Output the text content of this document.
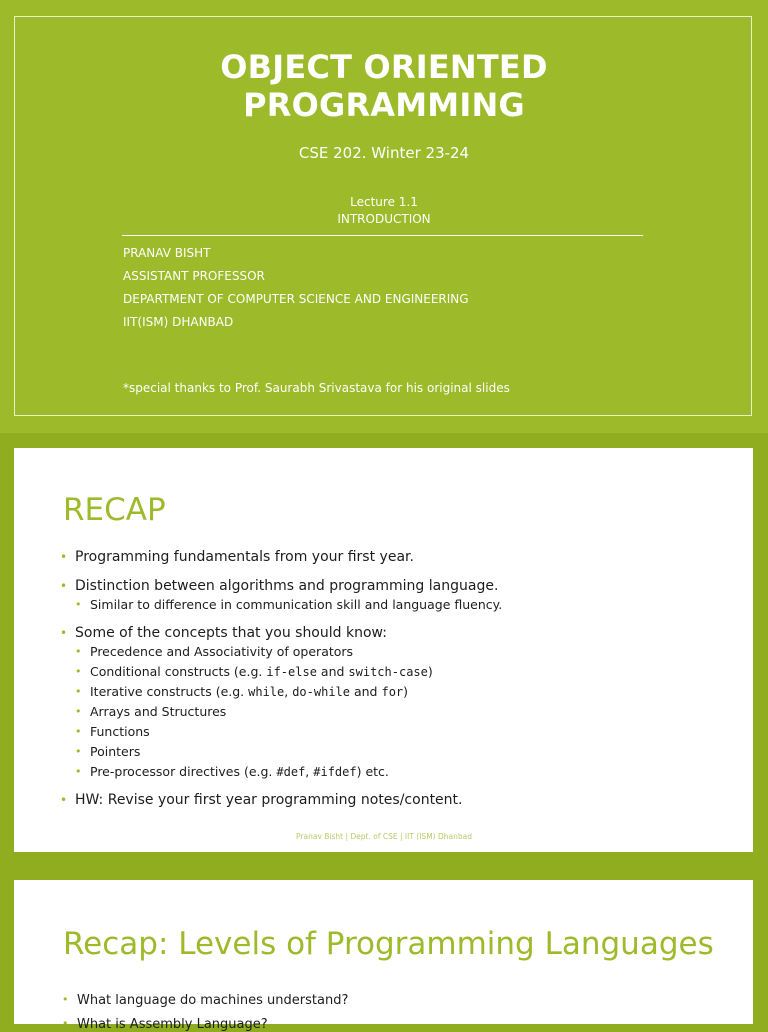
OBJECT ORIENTED
PROGRAMMING
CSE 202. Winter 23-24
Lecture 1.1
INTRODUCTION
PRANAV BISHT
ASSISTANT PROFESSOR
DEPARTMENT OF COMPUTER SCIENCE AND ENGINEERING
IIT(ISM) DHANBAD
*special thanks to Prof. Saurabh Srivastava for his original slides
RECAP
• Programming fundamentals from your first year.
• Distinction between algorithms and programming language.
• Similar to difference in communication skill and language fluency.
• Some of the concepts that you should know:
• Precedence and Associativity of operators
• Conditional constructs (e.g. if-else and switch-case)
• Iterative constructs (e.g. while, do-while and for)
• Arrays and Structures
• Functions
• Pointers
• Pre-processor directives (e.g. #def, #ifdef) etc.
• HW: Revise your first year programming notes/content.
Pranav Bisht | Dept. of CSE | IIT (ISM) Dhanbad
Recap: Levels of Programming Languages
• What language do machines understand?
• What is Assembly Language?
